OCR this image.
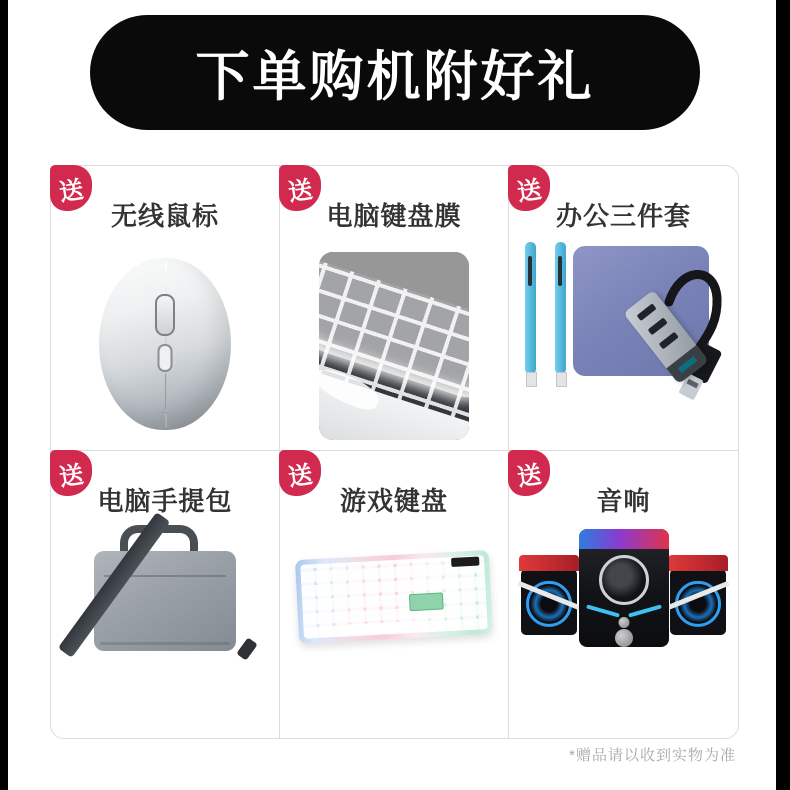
下单购机附好礼
送
无线鼠标
送
电脑键盘膜
送
办公三件套
送
电脑手提包
送
游戏键盘
送
音响
*赠品请以收到实物为准
